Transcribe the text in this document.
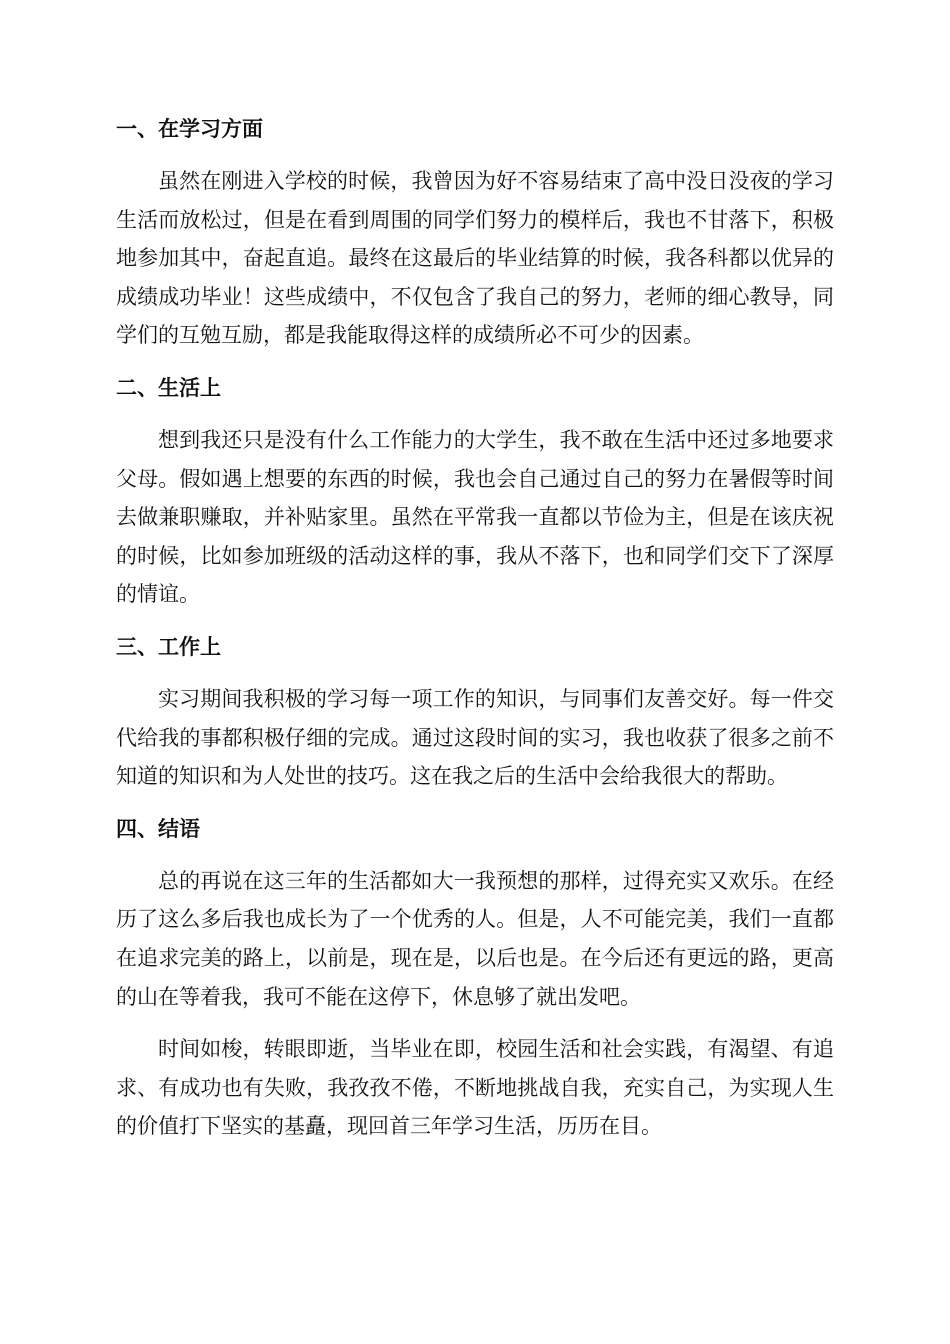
一、在学习方面

虽然在刚进入学校的时候，我曾因为好不容易结束了高中没日没夜的学习生活而放松过，但是在看到周围的同学们努力的模样后，我也不甘落下，积极地参加其中，奋起直追。最终在这最后的毕业结算的时候，我各科都以优异的成绩成功毕业！这些成绩中，不仅包含了我自己的努力，老师的细心教导，同学们的互勉互励，都是我能取得这样的成绩所必不可少的因素。

二、生活上

想到我还只是没有什么工作能力的大学生，我不敢在生活中还过多地要求父母。假如遇上想要的东西的时候，我也会自己通过自己的努力在暑假等时间去做兼职赚取，并补贴家里。虽然在平常我一直都以节俭为主，但是在该庆祝的时候，比如参加班级的活动这样的事，我从不落下，也和同学们交下了深厚的情谊。

三、工作上

实习期间我积极的学习每一项工作的知识，与同事们友善交好。每一件交代给我的事都积极仔细的完成。通过这段时间的实习，我也收获了很多之前不知道的知识和为人处世的技巧。这在我之后的生活中会给我很大的帮助。

四、结语

总的再说在这三年的生活都如大一我预想的那样，过得充实又欢乐。在经历了这么多后我也成长为了一个优秀的人。但是，人不可能完美，我们一直都在追求完美的路上，以前是，现在是，以后也是。在今后还有更远的路，更高的山在等着我，我可不能在这停下，休息够了就出发吧。

时间如梭，转眼即逝，当毕业在即，校园生活和社会实践，有渴望、有追求、有成功也有失败，我孜孜不倦，不断地挑战自我，充实自己，为实现人生的价值打下坚实的基矗，现回首三年学习生活，历历在目。
